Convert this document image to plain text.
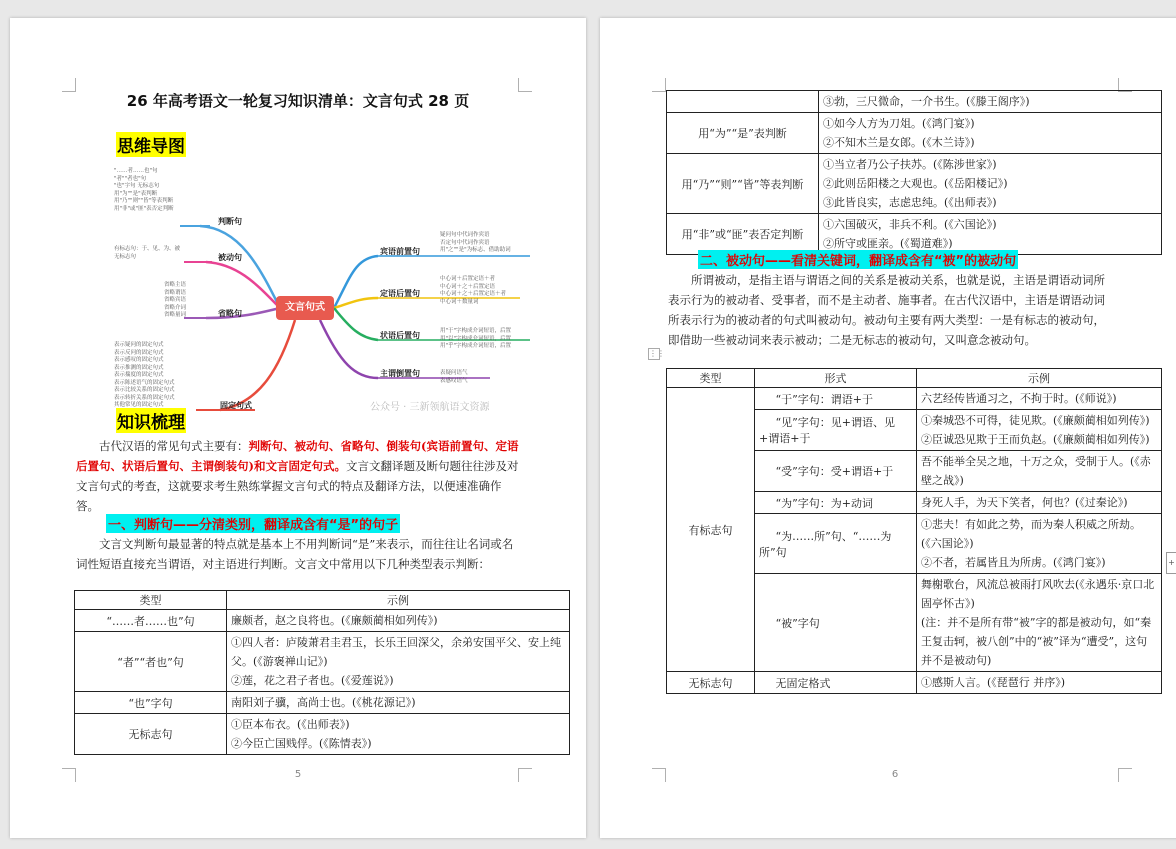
26 年高考语文一轮复习知识清单：文言句式 28 页
思维导图
文言句式
判断句
被动句
省略句
固定句式
宾语前置句
定语后置句
状语后置句
主谓倒置句
"……者……也"句
"者""者也"句
"也"字句 无标志句
用"为""是"表判断
用"乃""则""皆"等表判断
用"非"或"匪"表否定判断
有标志句：于、见、为、被
无标志句
省略主语
省略谓语
省略宾语
省略介词
省略量词
表示疑问的固定句式
表示反问的固定句式
表示感叹的固定句式
表示推测的固定句式
表示揣度的固定句式
表示陈述语气的固定句式
表示比较关系的固定句式
表示转折关系的固定句式
其他常见的固定句式
疑问句中代词作宾语
否定句中代词作宾语
用"之""是"为标志、借助助词
中心词＋后置定语＋者
中心词＋之＋后置定语
中心词＋之＋后置定语＋者
中心词＋数量词
用"于"字构成介词短语，后置
用"以"字构成介词短语，后置
用"乎"字构成介词短语，后置
表疑问语气
表感叹语气
公众号 · 三新领航语文资源
知识梳理
古代汉语的常见句式主要有：判断句、被动句、省略句、倒装句(宾语前置句、定语后置句、状语后置句、主谓倒装句)和文言固定句式。文言文翻译题及断句题往往涉及对文言句式的考查，这就要求考生熟练掌握文言句式的特点及翻译方法，以便速准确作答。
一、判断句——分清类别，翻译成含有“是”的句子
文言文判断句最显著的特点就是基本上不用判断词“是”来表示，而往往让名词或名词性短语直接充当谓语，对主语进行判断。文言文中常用以下几种类型表示判断：
类型	示例
“……者……也”句	廉颇者，赵之良将也。(《廉颇蔺相如列传》)

“者”“者也”句	①四人者：庐陵萧君圭君玉，长乐王回深父，余弟安国平父、安上纯父。(《游褒禅山记》)
②莲，花之君子者也。(《爱莲说》)

“也”字句	南阳刘子骥，高尚士也。(《桃花源记》)

无标志句	①臣本布衣。(《出师表》)
②今臣亡国贱俘。(《陈情表》)
5

	③勃，三尺微命，一介书生。(《滕王阁序》)

用“为”“是”表判断	①如今人方为刀俎。(《鸿门宴》)
②不知木兰是女郎。(《木兰诗》)

用“乃”“则”“皆”等表判断	①当立者乃公子扶苏。(《陈涉世家》)
②此则岳阳楼之大观也。(《岳阳楼记》)
③此皆良实，志虑忠纯。(《出师表》)

用“非”或“匪”表否定判断	①六国破灭，非兵不利。(《六国论》)
②所守或匪亲。(《蜀道难》)
二、被动句——看清关键词，翻译成含有“被”的被动句
所谓被动，是指主语与谓语之间的关系是被动关系，也就是说，主语是谓语动词所表示行为的被动者、受事者，而不是主动者、施事者。在古代汉语中，主语是谓语动词所表示行为的被动者的句式叫被动句。被动句主要有两大类型：一是有标志的被动句，即借助一些被动词来表示被动；二是无标志的被动句，又叫意念被动句。
类型	形式	示例
有标志句	“于”字句：谓语+于	六艺经传皆通习之，不拘于时。(《师说》)

	“见”字句：见+谓语、见+谓语+于	①秦城恐不可得，徒见欺。(《廉颇蔺相如列传》)
②臣诚恐见欺于王而负赵。(《廉颇蔺相如列传》)

	“受”字句：受+谓语+于	吾不能举全吴之地，十万之众，受制于人。(《赤壁之战》)

	“为”字句：为+动词	身死人手，为天下笑者，何也？(《过秦论》)

	“为……所”句、“……为所”句	①悲夫！有如此之势，而为秦人积威之所劫。(《六国论》)
②不者，若属皆且为所虏。(《鸿门宴》)

	“被”字句	舞榭歌台，风流总被雨打风吹去(《永遇乐·京口北固亭怀古》)
(注：并不是所有带“被”字的都是被动句，如“秦王复击轲，被八创”中的“被”译为“遭受”，这句并不是被动句)

无标志句	无固定格式	①感斯人言。(《琵琶行 并序》)
6
⋮⋮
+
